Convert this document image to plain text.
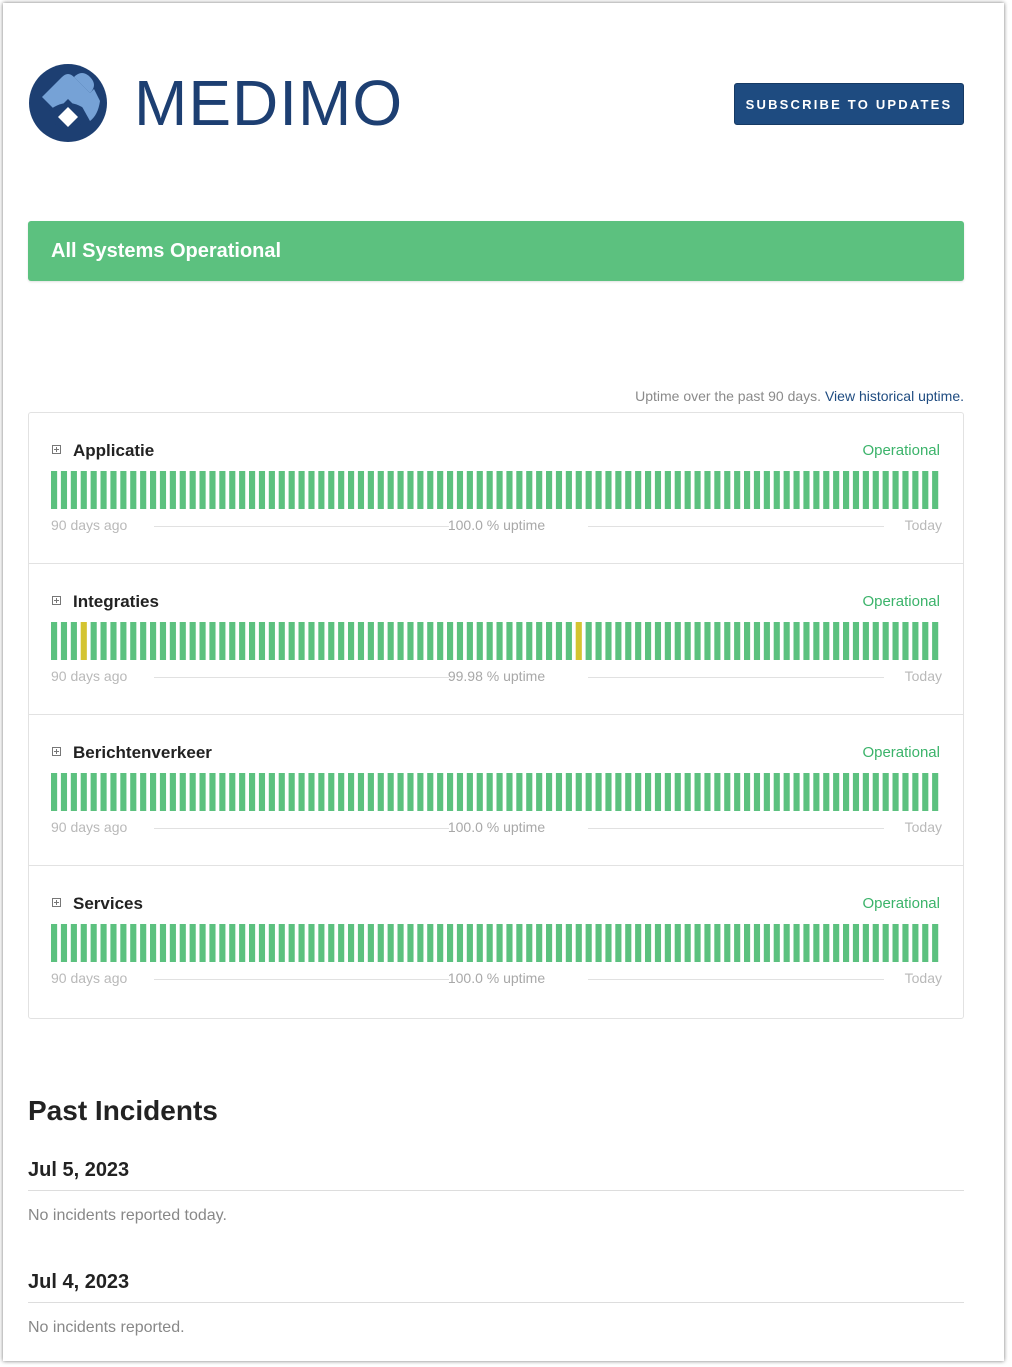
MEDIMO	SUBSCRIBE TO UPDATES
All Systems Operational
Uptime over the past 90 days. View historical uptime.
Applicatie	Operational
90 days ago	100.0 % uptime	Today
Integraties	Operational
90 days ago	99.98 % uptime	Today
Berichtenverkeer	Operational
90 days ago	100.0 % uptime	Today
Services	Operational
90 days ago	100.0 % uptime	Today
Past Incidents
Jul 5, 2023
No incidents reported today.
Jul 4, 2023
No incidents reported.
